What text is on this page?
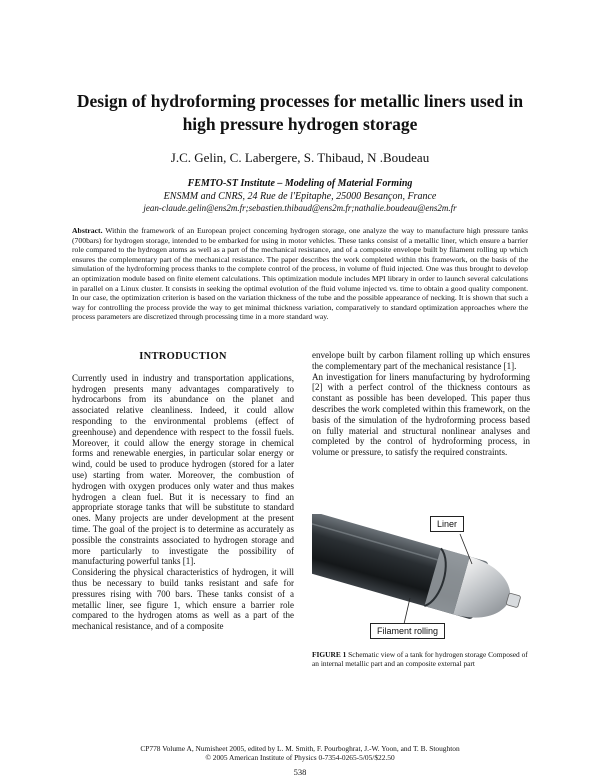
Design of hydroforming processes for metallic liners used in
high pressure hydrogen storage
J.C. Gelin, C. Labergere, S. Thibaud, N .Boudeau
FEMTO-ST Institute – Modeling of Material Forming
ENSMM and CNRS, 24 Rue de l'Epitaphe, 25000 Besançon, France
jean-claude.gelin@ens2m.fr;sebastien.thibaud@ens2m.fr;nathalie.boudeau@ens2m.fr
Abstract. Within the framework of an European project concerning hydrogen storage, one analyze the way to manufacture high pressure tanks (700bars) for hydrogen storage, intended to be embarked for using in motor vehicles. These tanks consist of a metallic liner, which ensure a barrier role compared to the hydrogen atoms as well as a part of the mechanical resistance, and of a composite envelope built by filament rolling up which ensures the complementary part of the mechanical resistance. The paper describes the work completed within this framework, on the basis of the simulation of the hydroforming process thanks to the complete control of the process, in volume of fluid injected. One was thus brought to develop an optimization module based on finite element calculations. This optimization module includes MPI library in order to launch several calculations in parallel on a Linux cluster. It consists in seeking the optimal evolution of the fluid volume injected vs. time to obtain a good quality component. In our case, the optimization criterion is based on the variation thickness of the tube and the possible appearance of necking. It is shown that such a way for controlling the process provide the way to get minimal thickness variation, comparatively to standard optimization approaches where the process parameters are discretized through processing time in a more standard way.

INTRODUCTION

Currently used in industry and transportation applications, hydrogen presents many advantages comparatively to hydrocarbons from its abundance on the planet and associated relative cleanliness. Indeed, it could allow responding to the environmental problems (effect of greenhouse) and dependence with respect to the fossil fuels. Moreover, it could allow the energy storage in chemical forms and renewable energies, in particular solar energy or wind, could be used to produce hydrogen (stored for a later use) starting from water. Moreover, the combustion of hydrogen with oxygen produces only water and thus makes hydrogen a clean fuel. But it is necessary to find an appropriate storage tanks that will be substitute to standard ones. Many projects are under development at the present time. The goal of the project is to determine as accurately as possible the constraints associated to hydrogen storage and more particularly to investigate the possibility of manufacturing powerful tanks [1].

Considering the physical characteristics of hydrogen, it will thus be necessary to build tanks resistant and safe for pressures rising with 700 bars. These tanks consist of a metallic liner, see figure 1, which ensure a barrier role compared to the hydrogen atoms as well as a part of the mechanical resistance, and of a composite

envelope built by carbon filament rolling up which ensures the complementary part of the mechanical resistance [1].

An investigation for liners manufacturing by hydroforming [2] with a perfect control of the thickness contours as constant as possible has been developed. This paper thus describes the work completed within this framework, on the basis of the simulation of the hydroforming process based on fully material and structural nonlinear analyses and completed by the control of hydroforming process, in volume or pressure, to satisfy the required constraints.

Liner
Filament rolling
FIGURE 1 Schematic view of a tank for hydrogen storage Composed of an internal metallic part and an composite external part
CP778 Volume A, Numisheet 2005, edited by L. M. Smith, F. Pourboghrat, J.-W. Yoon, and T. B. Stoughton
© 2005 American Institute of Physics 0-7354-0265-5/05/$22.50
538
